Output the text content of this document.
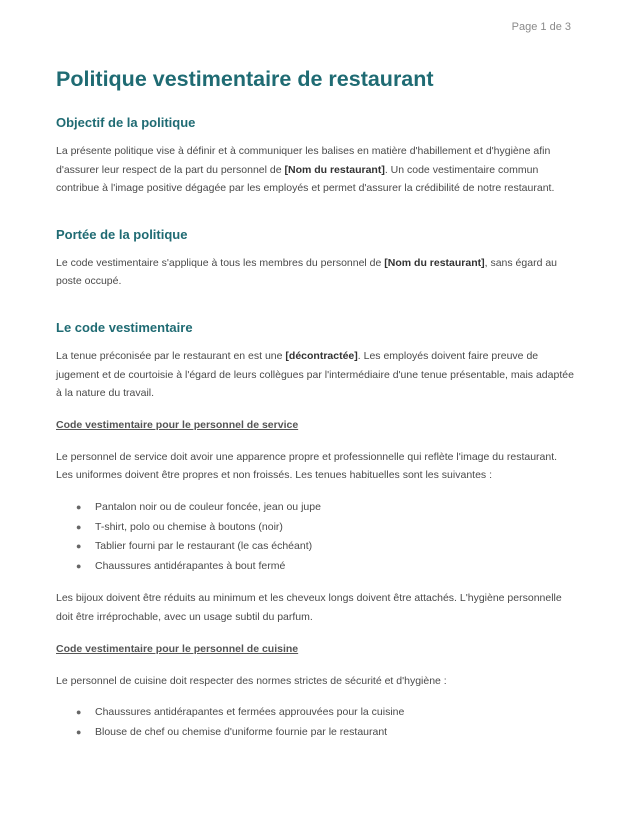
Page 1 de 3
Politique vestimentaire de restaurant
Objectif de la politique

La présente politique vise à définir et à communiquer les balises en matière d'habillement et d'hygiène afin d'assurer leur respect de la part du personnel de [Nom du restaurant]. Un code vestimentaire commun contribue à l'image positive dégagée par les employés et permet d'assurer la crédibilité de notre restaurant.

Portée de la politique

Le code vestimentaire s'applique à tous les membres du personnel de [Nom du restaurant], sans égard au poste occupé.

Le code vestimentaire

La tenue préconisée par le restaurant en est une [décontractée]. Les employés doivent faire preuve de jugement et de courtoisie à l'égard de leurs collègues par l'intermédiaire d'une tenue présentable, mais adaptée à la nature du travail.

Code vestimentaire pour le personnel de service

Le personnel de service doit avoir une apparence propre et professionnelle qui reflète l'image du restaurant. Les uniformes doivent être propres et non froissés. Les tenues habituelles sont les suivantes :

● Pantalon noir ou de couleur foncée, jean ou jupe
● T-shirt, polo ou chemise à boutons (noir)
● Tablier fourni par le restaurant (le cas échéant)
● Chaussures antidérapantes à bout fermé

Les bijoux doivent être réduits au minimum et les cheveux longs doivent être attachés. L'hygiène personnelle doit être irréprochable, avec un usage subtil du parfum.

Code vestimentaire pour le personnel de cuisine

Le personnel de cuisine doit respecter des normes strictes de sécurité et d'hygiène :

● Chaussures antidérapantes et fermées approuvées pour la cuisine
● Blouse de chef ou chemise d'uniforme fournie par le restaurant
